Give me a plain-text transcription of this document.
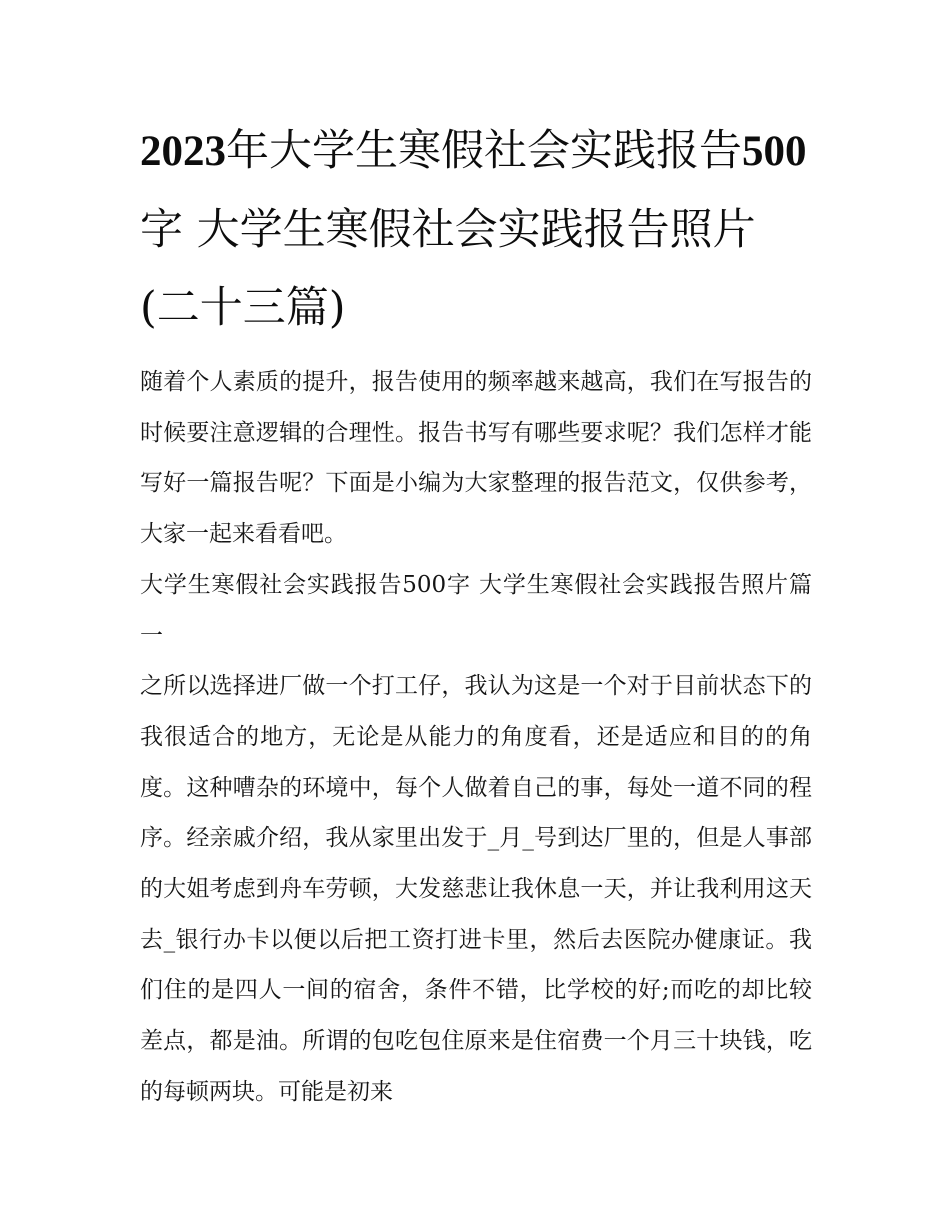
2023年大学生寒假社会实践报告500字 大学生寒假社会实践报告照片(二十三篇)

随着个人素质的提升，报告使用的频率越来越高，我们在写报告的时候要注意逻辑的合理性。报告书写有哪些要求呢？我们怎样才能写好一篇报告呢？下面是小编为大家整理的报告范文，仅供参考，大家一起来看看吧。

大学生寒假社会实践报告500字 大学生寒假社会实践报告照片篇一

之所以选择进厂做一个打工仔，我认为这是一个对于目前状态下的我很适合的地方，无论是从能力的角度看，还是适应和目的的角度。这种嘈杂的环境中，每个人做着自己的事，每处一道不同的程序。经亲戚介绍，我从家里出发于_月_号到达厂里的，但是人事部的大姐考虑到舟车劳顿，大发慈悲让我休息一天，并让我利用这天去_银行办卡以便以后把工资打进卡里，然后去医院办健康证。我们住的是四人一间的宿舍，条件不错，比学校的好;而吃的却比较差点，都是油。所谓的包吃包住原来是住宿费一个月三十块钱，吃的每顿两块。可能是初来
